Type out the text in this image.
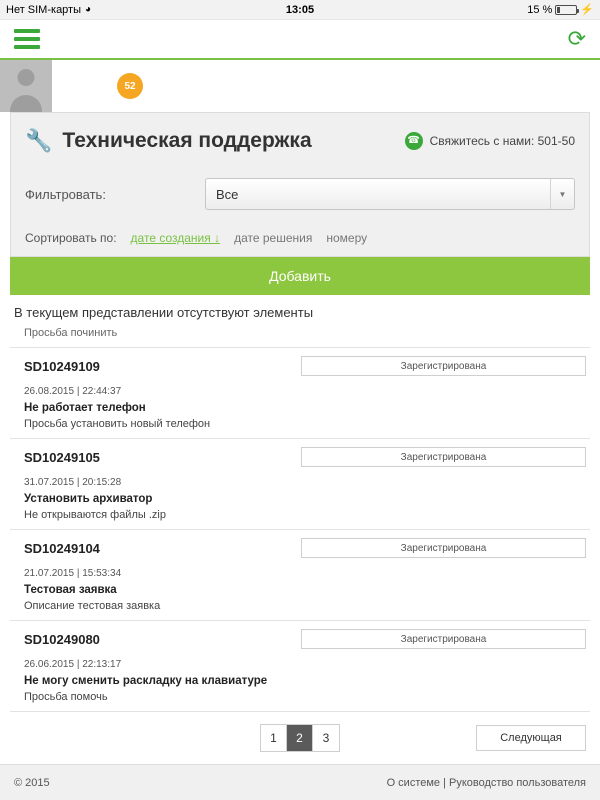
Нет SIM-карты ◕	13:05	15 %	⚡
⟳
52
🔧 Техническая поддержка	☎ Свяжитесь с нами: 501-50
Фильтровать:	Все	▼
Сортировать по: дате создания ↓ дате решения номеру
Добавить
В текущем представлении отсутствуют элементы
Просьба починить
SD10249109	Зарегистрирована
26.08.2015 | 22:44:37
Не работает телефон
Просьба установить новый телефон
SD10249105	Зарегистрирована
31.07.2015 | 20:15:28
Установить архиватор
Не открываются файлы .zip
SD10249104	Зарегистрирована
21.07.2015 | 15:53:34
Тестовая заявка
Описание тестовая заявка
SD10249080	Зарегистрирована
26.06.2015 | 22:13:17
Не могу сменить раскладку на клавиатуре
Просьба помочь
1	2	3	Следующая
© 2015	О системе | Руководство пользователя
